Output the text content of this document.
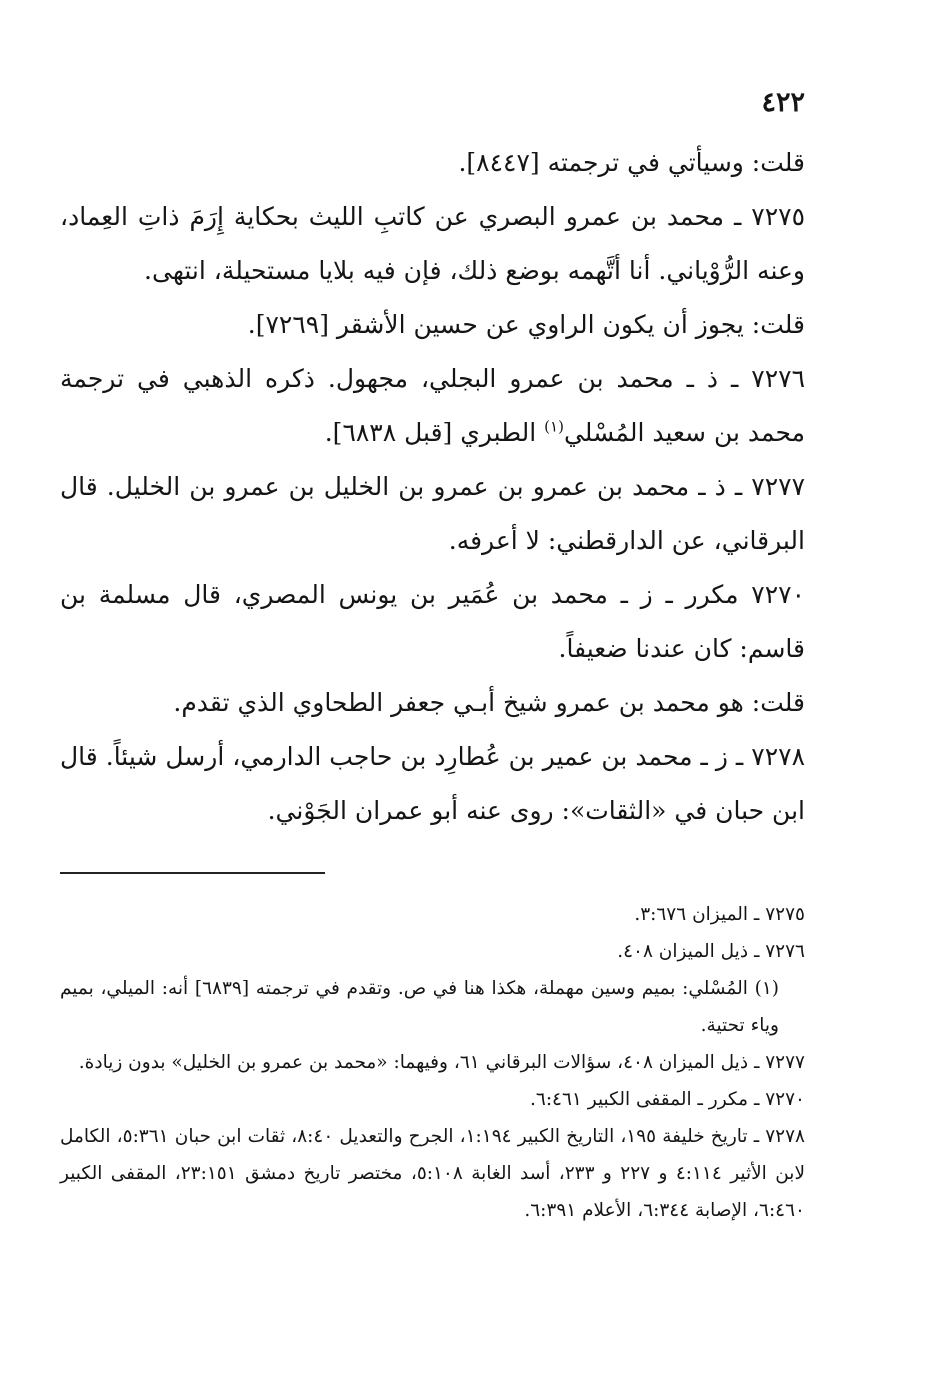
٤٢٢

قلت: وسيأتي في ترجمته [٨٤٤٧].

٧٢٧٥ ـ محمد بن عمرو البصري عن كاتبِ الليث بحكاية إِرَمَ ذاتِ العِماد، وعنه الرُّوْياني. أنا أتَّهمه بوضع ذلك، فإن فيه بلايا مستحيلة، انتهى.

قلت: يجوز أن يكون الراوي عن حسين الأشقر [٧٢٦٩].

٧٢٧٦ ـ ذ ـ محمد بن عمرو البجلي، مجهول. ذكره الذهبي في ترجمة محمد بن سعيد المُسْلي$^{(١)}$ الطبري [قبل ٦٨٣٨].

٧٢٧٧ ـ ذ ـ محمد بن عمرو بن عمرو بن الخليل بن عمرو بن الخليل. قال البرقاني، عن الدارقطني: لا أعرفه.

٧٢٧٠ مكرر ـ ز ـ محمد بن عُمَير بن يونس المصري، قال مسلمة بن قاسم: كان عندنا ضعيفاً.

قلت: هو محمد بن عمرو شيخ أبـي جعفر الطحاوي الذي تقدم.

٧٢٧٨ ـ ز ـ محمد بن عمير بن عُطارِد بن حاجب الدارمي، أرسل شيئاً. قال ابن حبان في «الثقات»: روى عنه أبو عمران الجَوْني.

٧٢٧٥ ـ الميزان ٣:٦٧٦.

٧٢٧٦ ـ ذيل الميزان ٤٠٨.

(١) المُسْلي: بميم وسين مهملة، هكذا هنا في ص. وتقدم في ترجمته [٦٨٣٩] أنه: الميلي، بميم وياء تحتية.

٧٢٧٧ ـ ذيل الميزان ٤٠٨، سؤالات البرقاني ٦١، وفيهما: «محمد بن عمرو بن الخليل» بدون زيادة.

٧٢٧٠ ـ مكرر ـ المقفى الكبير ٦:٤٦١.

٧٢٧٨ ـ تاريخ خليفة ١٩٥، التاريخ الكبير ١:١٩٤، الجرح والتعديل ٨:٤٠، ثقات ابن حبان ٥:٣٦١، الكامل لابن الأثير ٤:١١٤ و ٢٢٧ و ٢٣٣، أسد الغابة ٥:١٠٨، مختصر تاريخ دمشق ٢٣:١٥١، المقفى الكبير ٦:٤٦٠، الإصابة ٦:٣٤٤، الأعلام ٦:٣٩١.
